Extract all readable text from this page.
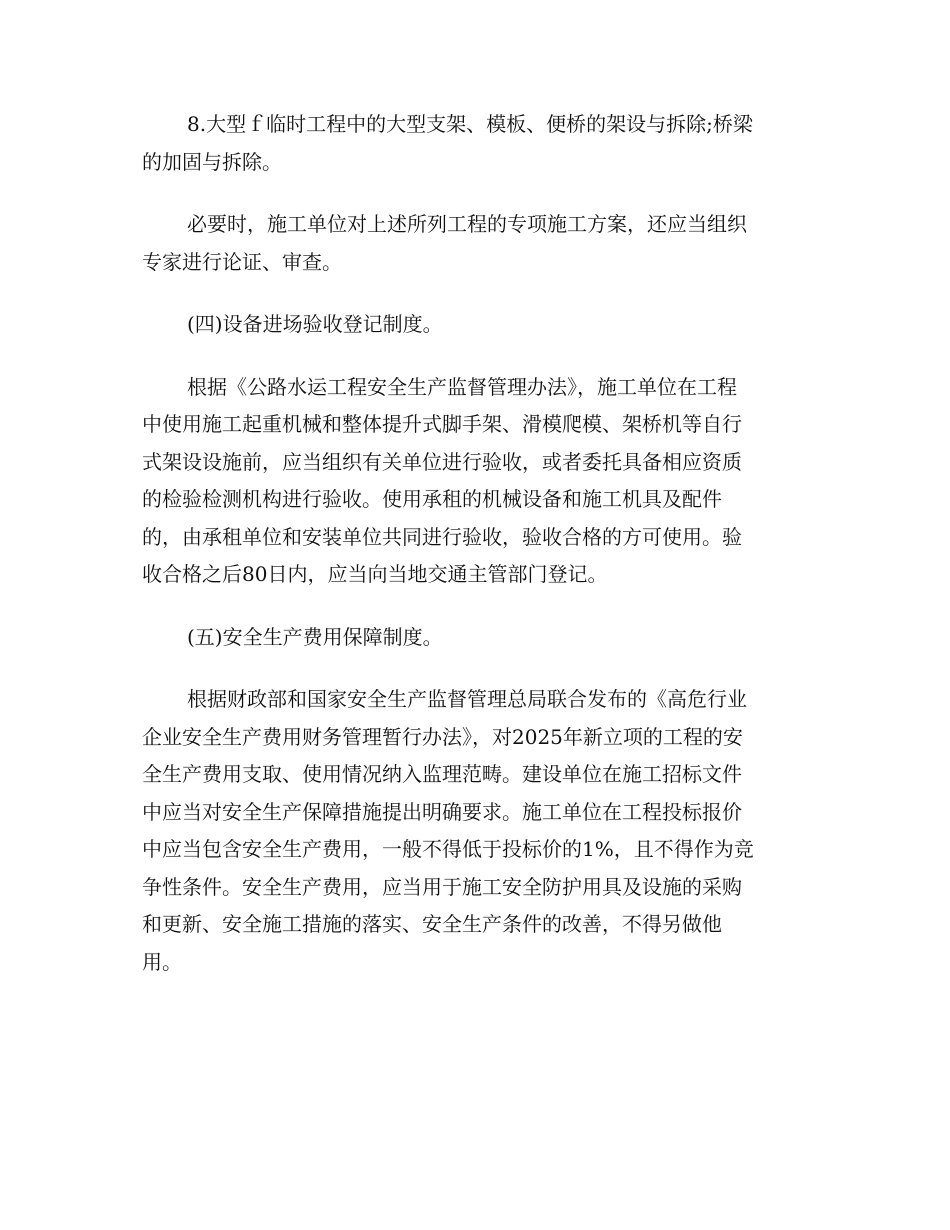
8.大型ｆ临时工程中的大型支架、模板、便桥的架设与拆除;桥梁
的加固与拆除。

必要时，施工单位对上述所列工程的专项施工方案，还应当组织
专家进行论证、审查。

(四)设备进场验收登记制度。

根据《公路水运工程安全生产监督管理办法》，施工单位在工程
中使用施工起重机械和整体提升式脚手架、滑模爬模、架桥机等自行
式架设设施前，应当组织有关单位进行验收，或者委托具备相应资质
的检验检测机构进行验收。使用承租的机械设备和施工机具及配件
的，由承租单位和安装单位共同进行验收，验收合格的方可使用。验
收合格之后80日内，应当向当地交通主管部门登记。

(五)安全生产费用保障制度。

根据财政部和国家安全生产监督管理总局联合发布的《高危行业
企业安全生产费用财务管理暂行办法》，对2025年新立项的工程的安
全生产费用支取、使用情况纳入监理范畴。建设单位在施工招标文件
中应当对安全生产保障措施提出明确要求。施工单位在工程投标报价
中应当包含安全生产费用，一般不得低于投标价的1%，且不得作为竞
争性条件。安全生产费用，应当用于施工安全防护用具及设施的采购
和更新、安全施工措施的落实、安全生产条件的改善，不得另做他
用。
